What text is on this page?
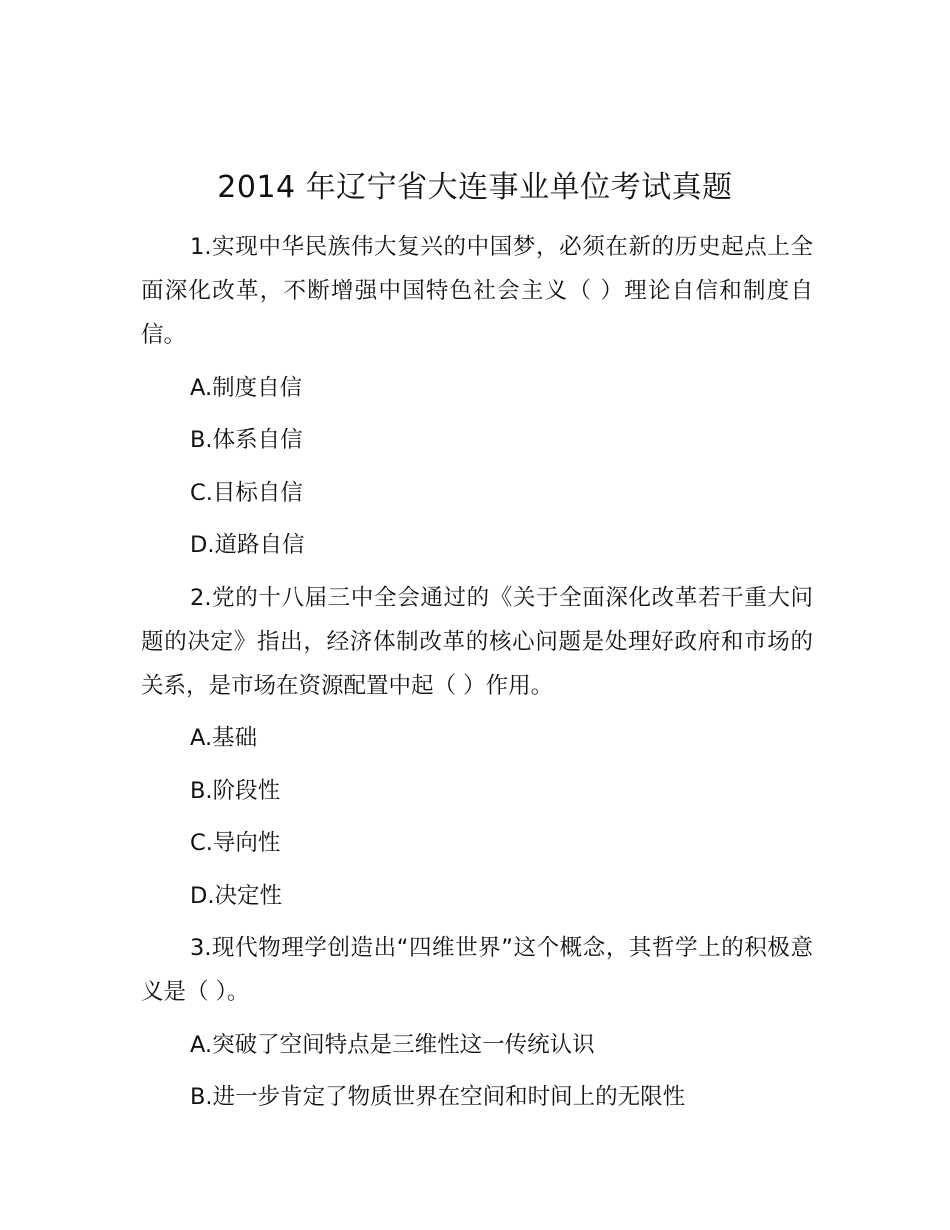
2014 年辽宁省大连事业单位考试真题

1.实现中华民族伟大复兴的中国梦，必须在新的历史起点上全面深化改革，不断增强中国特色社会主义（ ）理论自信和制度自信。

A.制度自信

B.体系自信

C.目标自信

D.道路自信

2.党的十八届三中全会通过的《关于全面深化改革若干重大问题的决定》指出，经济体制改革的核心问题是处理好政府和市场的关系，是市场在资源配置中起（ ）作用。

A.基础

B.阶段性

C.导向性

D.决定性

3.现代物理学创造出“四维世界”这个概念，其哲学上的积极意义是（ ）。

A.突破了空间特点是三维性这一传统认识

B.进一步肯定了物质世界在空间和时间上的无限性
